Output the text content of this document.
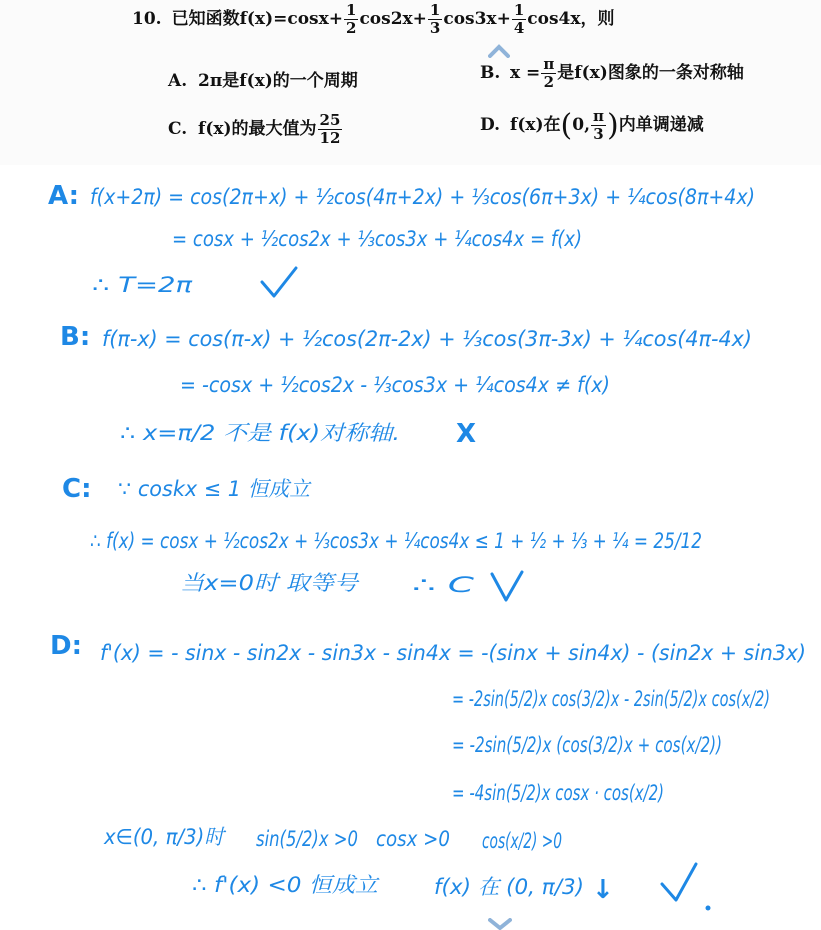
10. 已知函数$f(x)=\cos x+ \frac{1}{2} \cos 2x+ \frac{1}{3} \cos 3x+ \frac{1}{4} \cos 4x$，则
A. 2π是f(x)的一个周期	B. $x = \frac{\pi}{2}$ 是f(x)图象的一条对称轴
C. f(x)的最大值为 $\frac{25}{12}$	D. f(x)在(0, $\frac{\pi}{3}$ )内单调递减
A: f(x+2π) = cos(2π+x) + ½cos(4π+2x) + ⅓cos(6π+3x) + ¼cos(8π+4x)
= cosx + ½cos2x + ⅓cos3x + ¼cos4x = f(x)
∴ T=2π
B: f(π-x) = cos(π-x) + ½cos(2π-2x) + ⅓cos(3π-3x) + ¼cos(4π-4x)
= -cosx + ½cos2x - ⅓cos3x + ¼cos4x ≠ f(x)
∴ x=π/2 不是 f(x)对称轴. X
C: ∵ coskx ≤ 1 恒成立
∴ f(x) = cosx + ½cos2x + ⅓cos3x + ¼cos4x ≤ 1 + ½ + ⅓ + ¼ = 25/12
当x=0时 取等号 ∴ C
D: f'(x) = - sinx - sin2x - sin3x - sin4x = -(sinx + sin4x) - (sin2x + sin3x)
= -2sin(5/2)x cos(3/2)x - 2sin(5/2)x cos(x/2)
= -2sin(5/2)x (cos(3/2)x + cos(x/2))
= -4sin(5/2)x cosx · cos(x/2)
x∈(0, π/3)时 sin(5/2)x >0 cosx >0 cos(x/2) >0
∴ f'(x) <0 恒成立	f(x) 在 (0, π/3) ↓
